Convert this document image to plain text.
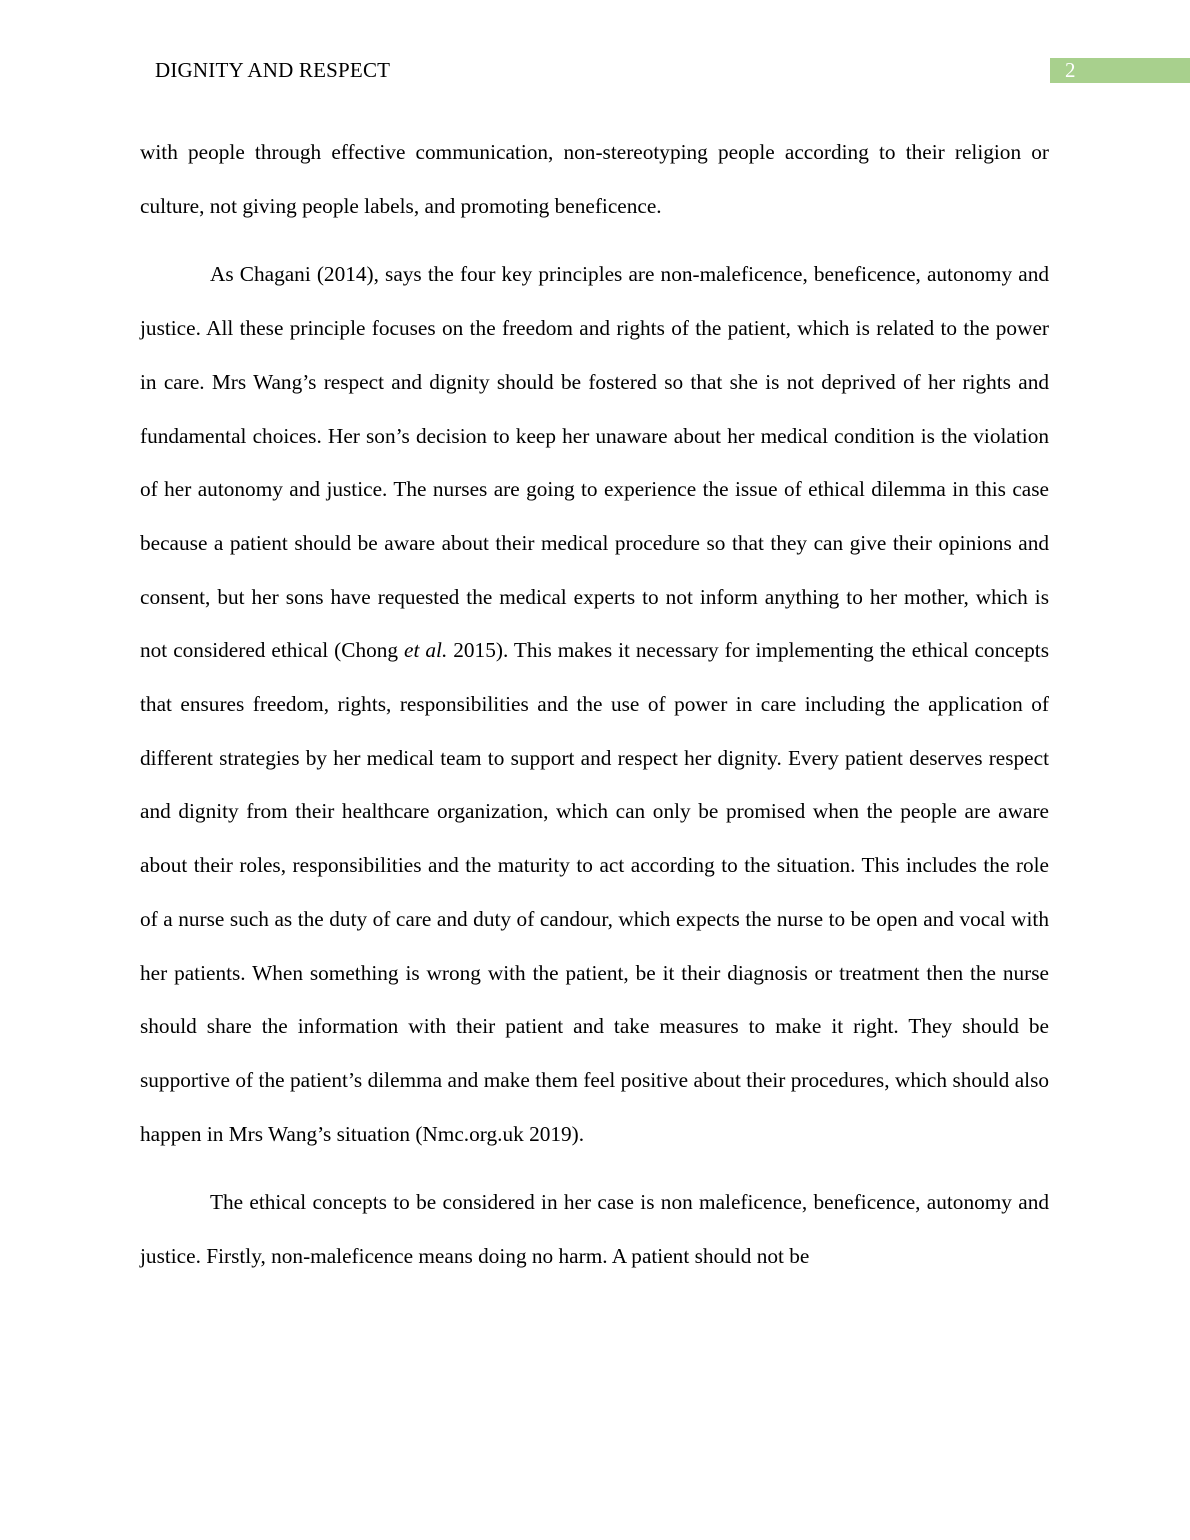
DIGNITY AND RESPECT	2

with people through effective communication, non-stereotyping people according to their religion or culture, not giving people labels, and promoting beneficence.

As Chagani (2014), says the four key principles are non-maleficence, beneficence, autonomy and justice. All these principle focuses on the freedom and rights of the patient, which is related to the power in care. Mrs Wang’s respect and dignity should be fostered so that she is not deprived of her rights and fundamental choices. Her son’s decision to keep her unaware about her medical condition is the violation of her autonomy and justice. The nurses are going to experience the issue of ethical dilemma in this case because a patient should be aware about their medical procedure so that they can give their opinions and consent, but her sons have requested the medical experts to not inform anything to her mother, which is not considered ethical (Chong et al. 2015). This makes it necessary for implementing the ethical concepts that ensures freedom, rights, responsibilities and the use of power in care including the application of different strategies by her medical team to support and respect her dignity. Every patient deserves respect and dignity from their healthcare organization, which can only be promised when the people are aware about their roles, responsibilities and the maturity to act according to the situation. This includes the role of a nurse such as the duty of care and duty of candour, which expects the nurse to be open and vocal with her patients. When something is wrong with the patient, be it their diagnosis or treatment then the nurse should share the information with their patient and take measures to make it right. They should be supportive of the patient’s dilemma and make them feel positive about their procedures, which should also happen in Mrs Wang’s situation (Nmc.org.uk 2019).

The ethical concepts to be considered in her case is non maleficence, beneficence, autonomy and justice. Firstly, non-maleficence means doing no harm. A patient should not be
